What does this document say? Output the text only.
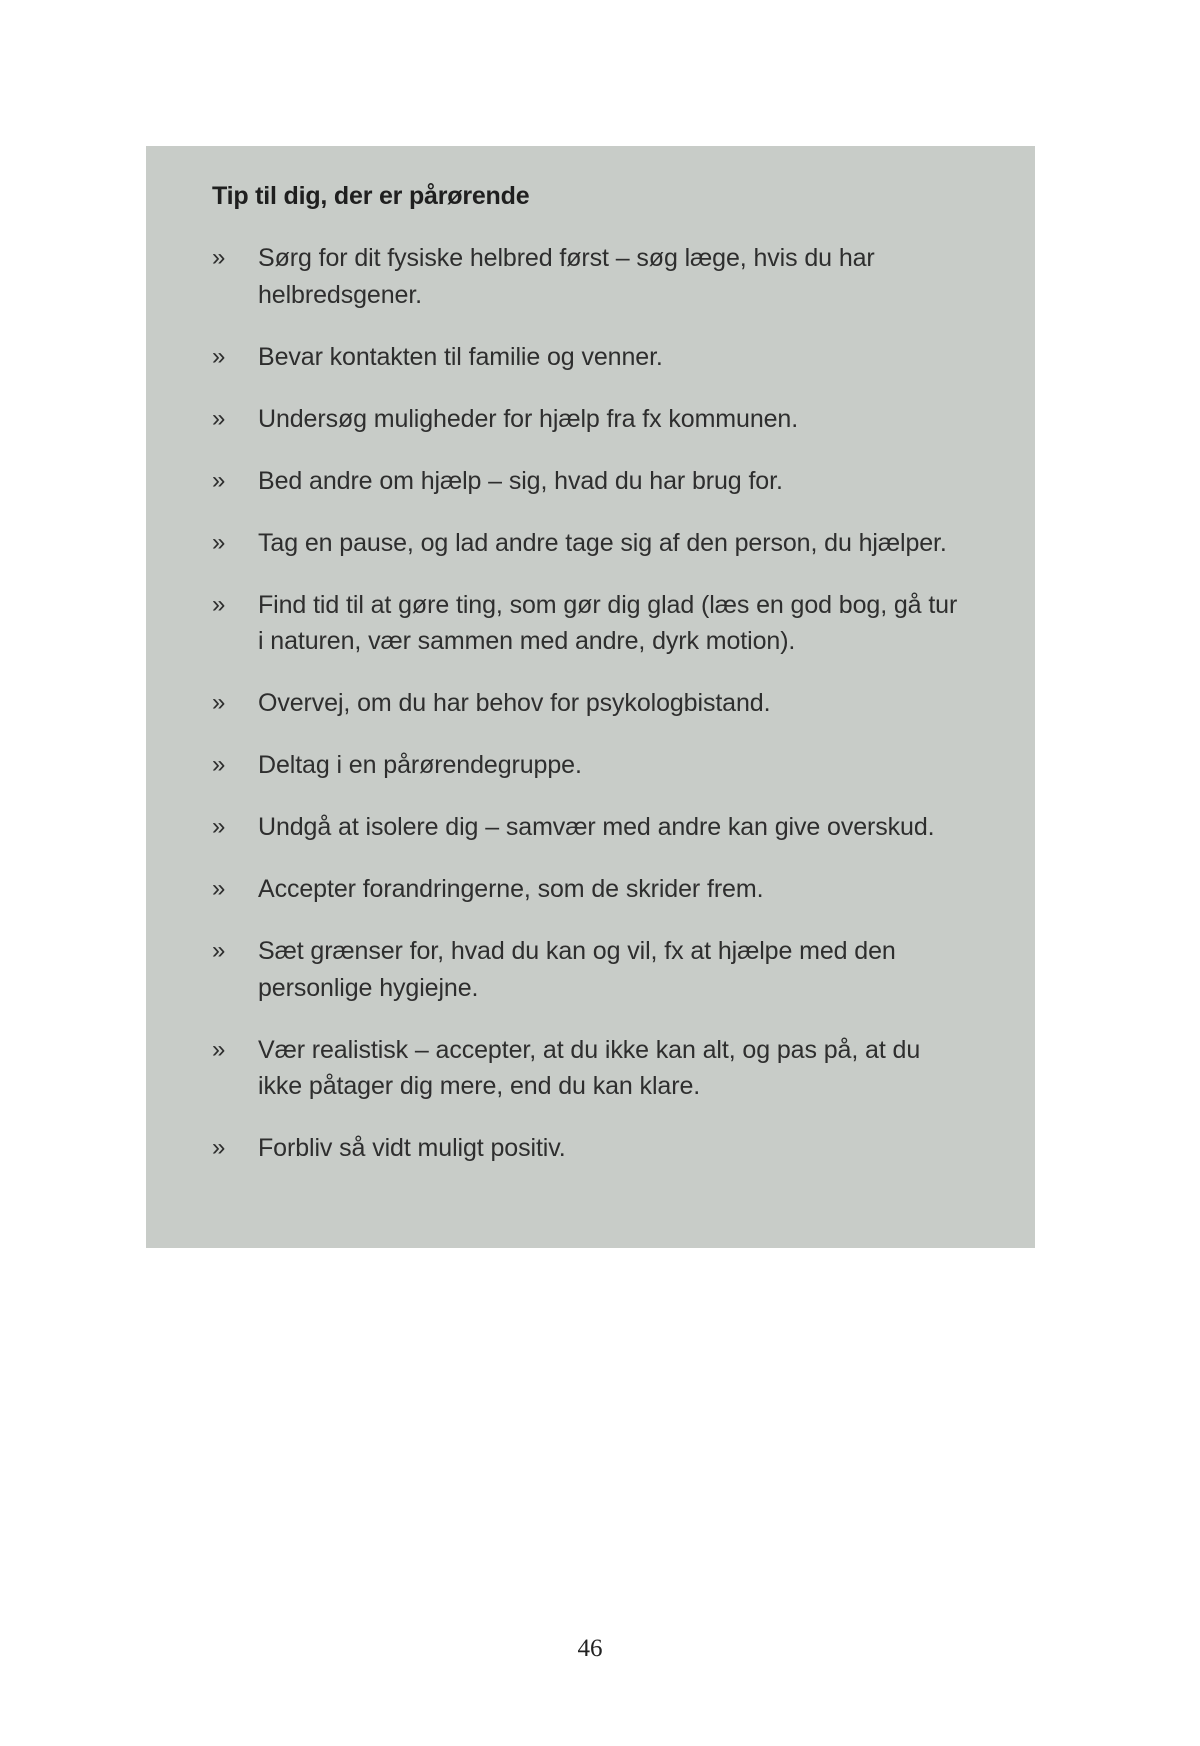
Tip til dig, der er pårørende
» Sørg for dit fysiske helbred først – søg læge, hvis du har helbredsgener.
» Bevar kontakten til familie og venner.
» Undersøg muligheder for hjælp fra fx kommunen.
» Bed andre om hjælp – sig, hvad du har brug for.
» Tag en pause, og lad andre tage sig af den person, du hjælper.
» Find tid til at gøre ting, som gør dig glad (læs en god bog, gå tur i naturen, vær sammen med andre, dyrk motion).
» Overvej, om du har behov for psykologbistand.
» Deltag i en pårørendegruppe.
» Undgå at isolere dig – samvær med andre kan give overskud.
» Accepter forandringerne, som de skrider frem.
» Sæt grænser for, hvad du kan og vil, fx at hjælpe med den personlige hygiejne.
» Vær realistisk – accepter, at du ikke kan alt, og pas på, at du ikke påtager dig mere, end du kan klare.
» Forbliv så vidt muligt positiv.
46
